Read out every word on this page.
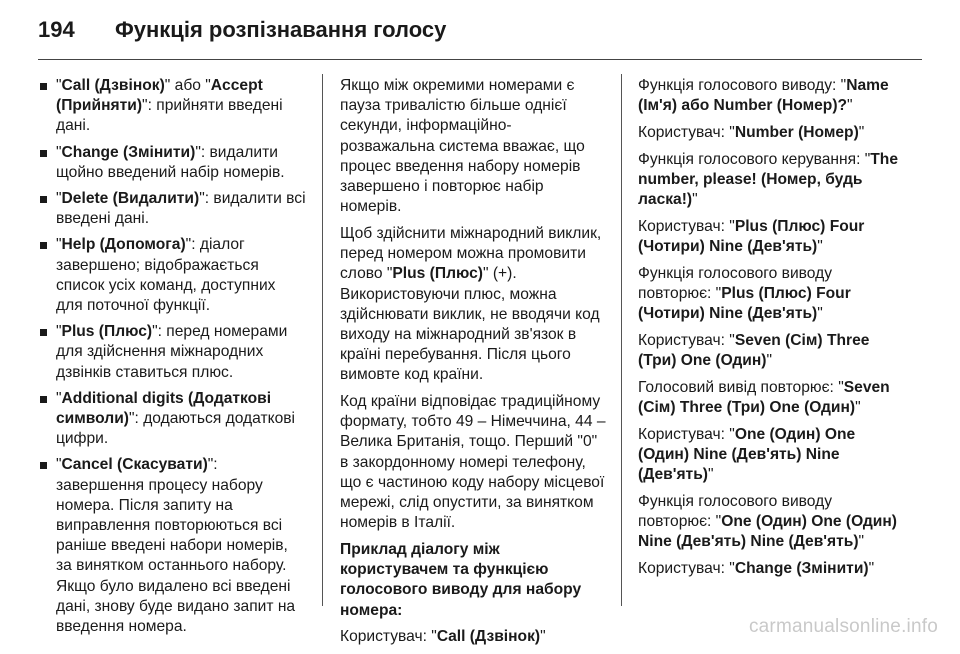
194 Функція розпізнавання голосу
"Call (Дзвінок)" або "Accept (Прийняти)": прийняти введені дані.
"Change (Змінити)": видалити щойно введений набір номерів.
"Delete (Видалити)": видалити всі введені дані.
"Help (Допомога)": діалог завершено; відображається список усіх команд, доступних для поточної функції.
"Plus (Плюс)": перед номерами для здійснення міжнародних дзвінків ставиться плюс.
"Additional digits (Додаткові символи)": додаються додаткові цифри.
"Cancel (Скасувати)": завершення процесу набору номера. Після запиту на виправлення повторюються всі раніше введені набори номерів, за винятком останнього набору. Якщо було видалено всі введені дані, знову буде видано запит на введення номера.

Якщо між окремими номерами є пауза тривалістю більше однієї секунди, інформаційно-розважальна система вважає, що процес введення набору номерів завершено і повторює набір номерів.

Щоб здійснити міжнародний виклик, перед номером можна промовити слово "Plus (Плюс)" (+). Використовуючи плюс, можна здійснювати виклик, не вводячи код виходу на міжнародний зв'язок в країні перебування. Після цього вимовте код країни.

Код країни відповідає традиційному формату, тобто 49 – Німеччина, 44 – Велика Британія, тощо. Перший "0" в закордонному номері телефону, що є частиною коду набору місцевої мережі, слід опустити, за винятком номерів в Італії.

Приклад діалогу між користувачем та функцією голосового виводу для набору номера:

Користувач: "Call (Дзвінок)"

Функція голосового виводу: "Name (Ім'я) або Number (Номер)?"

Користувач: "Number (Номер)"

Функція голосового керування: "The number, please! (Номер, будь ласка!)"

Користувач: "Plus (Плюс) Four (Чотири) Nine (Дев'ять)"

Функція голосового виводу повторює: "Plus (Плюс) Four (Чотири) Nine (Дев'ять)"

Користувач: "Seven (Сім) Three (Три) One (Один)"

Голосовий вивід повторює: "Seven (Сім) Three (Три) One (Один)"

Користувач: "One (Один) One (Один) Nine (Дев'ять) Nine (Дев'ять)"

Функція голосового виводу повторює: "One (Один) One (Один) Nine (Дев'ять) Nine (Дев'ять)"

Користувач: "Change (Змінити)"

carmanualsonline.info
